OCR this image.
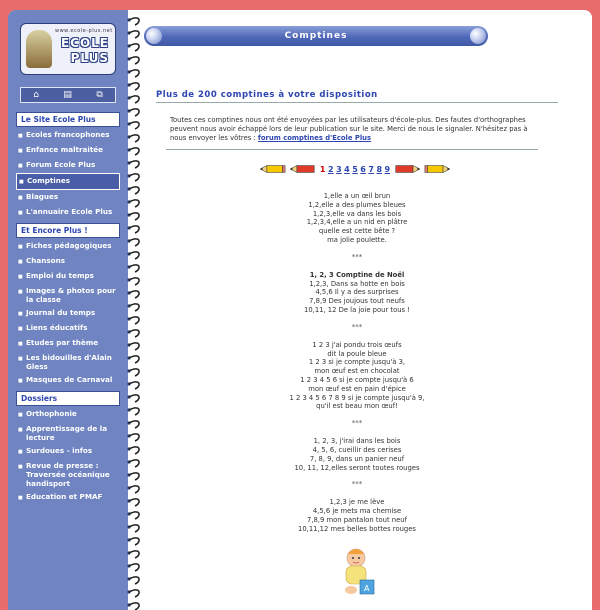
www.ecole-plus.net
ECOLE
PLUS
⌂	▤	⧉
Le Site Ecole Plus
■ Ecoles francophones
■ Enfance maltraitée
■ Forum Ecole Plus
■ Comptines
■ Blagues
■ L'annuaire Ecole Plus
Et Encore Plus !
■ Fiches pédagogiques
■ Chansons
■ Emploi du temps
■ Images & photos pour la classe
■ Journal du temps
■ Liens éducatifs
■ Etudes par thème
■ Les bidouilles d'Alain Gless
■ Masques de Carnaval
Dossiers
■ Orthophonie
■ Apprentissage de la lecture
■ Surdoues - infos
■ Revue de presse : Traversée océanique handisport
■ Education et PMAF
Comptines
Plus de 200 comptines à votre disposition
Toutes ces comptines nous ont été envoyées par les utilisateurs d'école-plus. Des fautes d'orthographes peuvent nous avoir échappé lors de leur publication sur le site. Merci de nous le signaler. N'hésitez pas à nous envoyer les vôtres : forum comptines d'Ecole Plus
1 2 3 4 5 6 7 8 9
1,elle a un œil brun
1,2,elle a des plumes bleues
1,2,3,elle va dans les bois
1,2,3,4,elle a un nid en plâtre
quelle est cette bête ?
ma jolie poulette.
***
1, 2, 3 Comptine de Noël
1,2,3, Dans sa hotte en bois
4,5,6 Il y a des surprises
7,8,9 Des joujous tout neufs
10,11, 12 De la joie pour tous !
***
1 2 3 j'ai pondu trois œufs
dit la poule bleue
1 2 3 si je compte jusqu'à 3,
mon œuf est en chocolat
1 2 3 4 5 6 si je compte jusqu'à 6
mon œuf est en pain d'épice
1 2 3 4 5 6 7 8 9 si je compte jusqu'à 9,
qu'il est beau mon œuf!
***
1, 2, 3, j'irai dans les bois
4, 5, 6, cueillir des cerises
7, 8, 9, dans un panier neuf
10, 11, 12,elles seront toutes rouges
***
1,2,3 je me lève
4,5,6 je mets ma chemise
7,8,9 mon pantalon tout neuf
10,11,12 mes belles bottes rouges
A
